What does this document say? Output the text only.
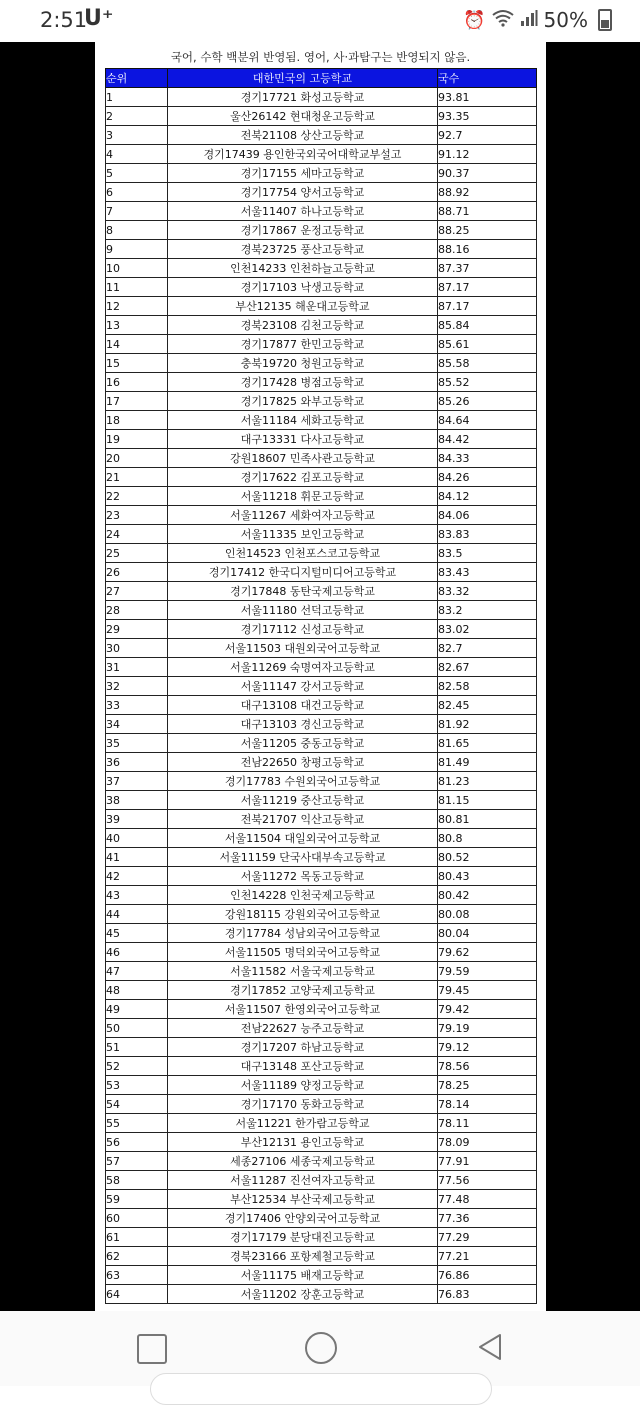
2:51
U⁺	⏰	50%
국어, 수학 백분위 반영됨. 영어, 사·과탐구는 반영되지 않음.
순위	대한민국의 고등학교	국수
1	경기17721 화성고등학교	93.81
2	울산26142 현대청운고등학교	93.35
3	전북21108 상산고등학교	92.7
4	경기17439 용인한국외국어대학교부설고	91.12
5	경기17155 세마고등학교	90.37
6	경기17754 양서고등학교	88.92
7	서울11407 하나고등학교	88.71
8	경기17867 운정고등학교	88.25
9	경북23725 풍산고등학교	88.16
10	인천14233 인천하늘고등학교	87.37
11	경기17103 낙생고등학교	87.17
12	부산12135 해운대고등학교	87.17
13	경북23108 김천고등학교	85.84
14	경기17877 한민고등학교	85.61
15	충북19720 청원고등학교	85.58
16	경기17428 병점고등학교	85.52
17	경기17825 와부고등학교	85.26
18	서울11184 세화고등학교	84.64
19	대구13331 다사고등학교	84.42
20	강원18607 민족사관고등학교	84.33
21	경기17622 김포고등학교	84.26
22	서울11218 휘문고등학교	84.12
23	서울11267 세화여자고등학교	84.06
24	서울11335 보인고등학교	83.83
25	인천14523 인천포스코고등학교	83.5
26	경기17412 한국디지털미디어고등학교	83.43
27	경기17848 동탄국제고등학교	83.32
28	서울11180 선덕고등학교	83.2
29	경기17112 신성고등학교	83.02
30	서울11503 대원외국어고등학교	82.7
31	서울11269 숙명여자고등학교	82.67
32	서울11147 강서고등학교	82.58
33	대구13108 대건고등학교	82.45
34	대구13103 경신고등학교	81.92
35	서울11205 중동고등학교	81.65
36	전남22650 창평고등학교	81.49
37	경기17783 수원외국어고등학교	81.23
38	서울11219 중산고등학교	81.15
39	전북21707 익산고등학교	80.81
40	서울11504 대일외국어고등학교	80.8
41	서울11159 단국사대부속고등학교	80.52
42	서울11272 목동고등학교	80.43
43	인천14228 인천국제고등학교	80.42
44	강원18115 강원외국어고등학교	80.08
45	경기17784 성남외국어고등학교	80.04
46	서울11505 명덕외국어고등학교	79.62
47	서울11582 서울국제고등학교	79.59
48	경기17852 고양국제고등학교	79.45
49	서울11507 한영외국어고등학교	79.42
50	전남22627 능주고등학교	79.19
51	경기17207 하남고등학교	79.12
52	대구13148 포산고등학교	78.56
53	서울11189 양정고등학교	78.25
54	경기17170 동화고등학교	78.14
55	서울11221 한가람고등학교	78.11
56	부산12131 용인고등학교	78.09
57	세종27106 세종국제고등학교	77.91
58	서울11287 진선여자고등학교	77.56
59	부산12534 부산국제고등학교	77.48
60	경기17406 안양외국어고등학교	77.36
61	경기17179 분당대진고등학교	77.29
62	경북23166 포항제철고등학교	77.21
63	서울11175 배재고등학교	76.86
64	서울11202 장훈고등학교	76.83
